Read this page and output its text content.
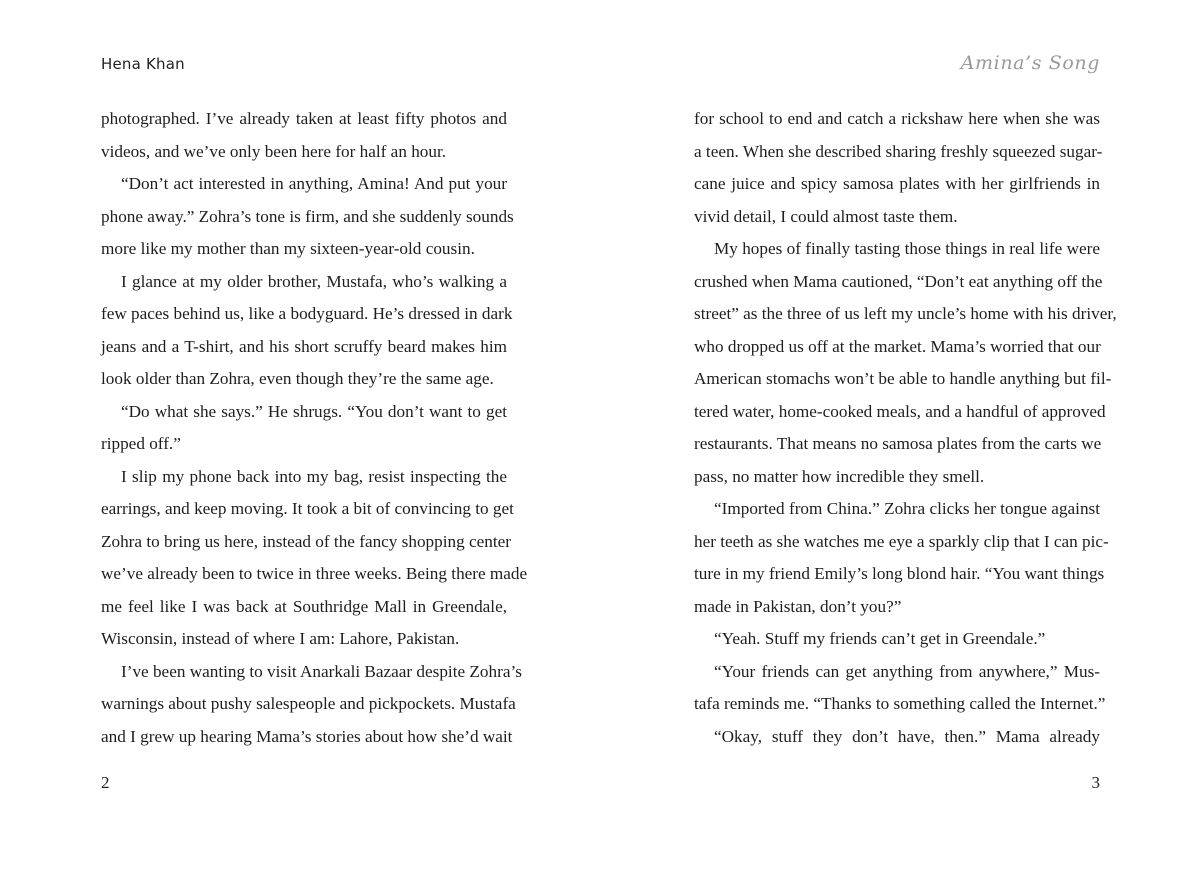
Hena Khan
photographed. I’ve already taken at least fifty photos and
videos, and we’ve only been here for half an hour.
“Don’t act interested in anything, Amina! And put your
phone away.” Zohra’s tone is firm, and she suddenly sounds
more like my mother than my sixteen-year-old cousin.
I glance at my older brother, Mustafa, who’s walking a
few paces behind us, like a bodyguard. He’s dressed in dark
jeans and a T-shirt, and his short scruffy beard makes him
look older than Zohra, even though they’re the same age.
“Do what she says.” He shrugs. “You don’t want to get
ripped off.”
I slip my phone back into my bag, resist inspecting the
earrings, and keep moving. It took a bit of convincing to get
Zohra to bring us here, instead of the fancy shopping center
we’ve already been to twice in three weeks. Being there made
me feel like I was back at Southridge Mall in Greendale,
Wisconsin, instead of where I am: Lahore, Pakistan.
I’ve been wanting to visit Anarkali Bazaar despite Zohra’s
warnings about pushy salespeople and pickpockets. Mustafa
and I grew up hearing Mama’s stories about how she’d wait
2
Amina’s Song
for school to end and catch a rickshaw here when she was
a teen. When she described sharing freshly squeezed sugar-
cane juice and spicy samosa plates with her girlfriends in
vivid detail, I could almost taste them.
My hopes of finally tasting those things in real life were
crushed when Mama cautioned, “Don’t eat anything off the
street” as the three of us left my uncle’s home with his driver,
who dropped us off at the market. Mama’s worried that our
American stomachs won’t be able to handle anything but fil-
tered water, home-cooked meals, and a handful of approved
restaurants. That means no samosa plates from the carts we
pass, no matter how incredible they smell.
“Imported from China.” Zohra clicks her tongue against
her teeth as she watches me eye a sparkly clip that I can pic-
ture in my friend Emily’s long blond hair. “You want things
made in Pakistan, don’t you?”
“Yeah. Stuff my friends can’t get in Greendale.”
“Your friends can get anything from anywhere,” Mus-
tafa reminds me. “Thanks to something called the Internet.”
“Okay, stuff they don’t have, then.” Mama already
3
